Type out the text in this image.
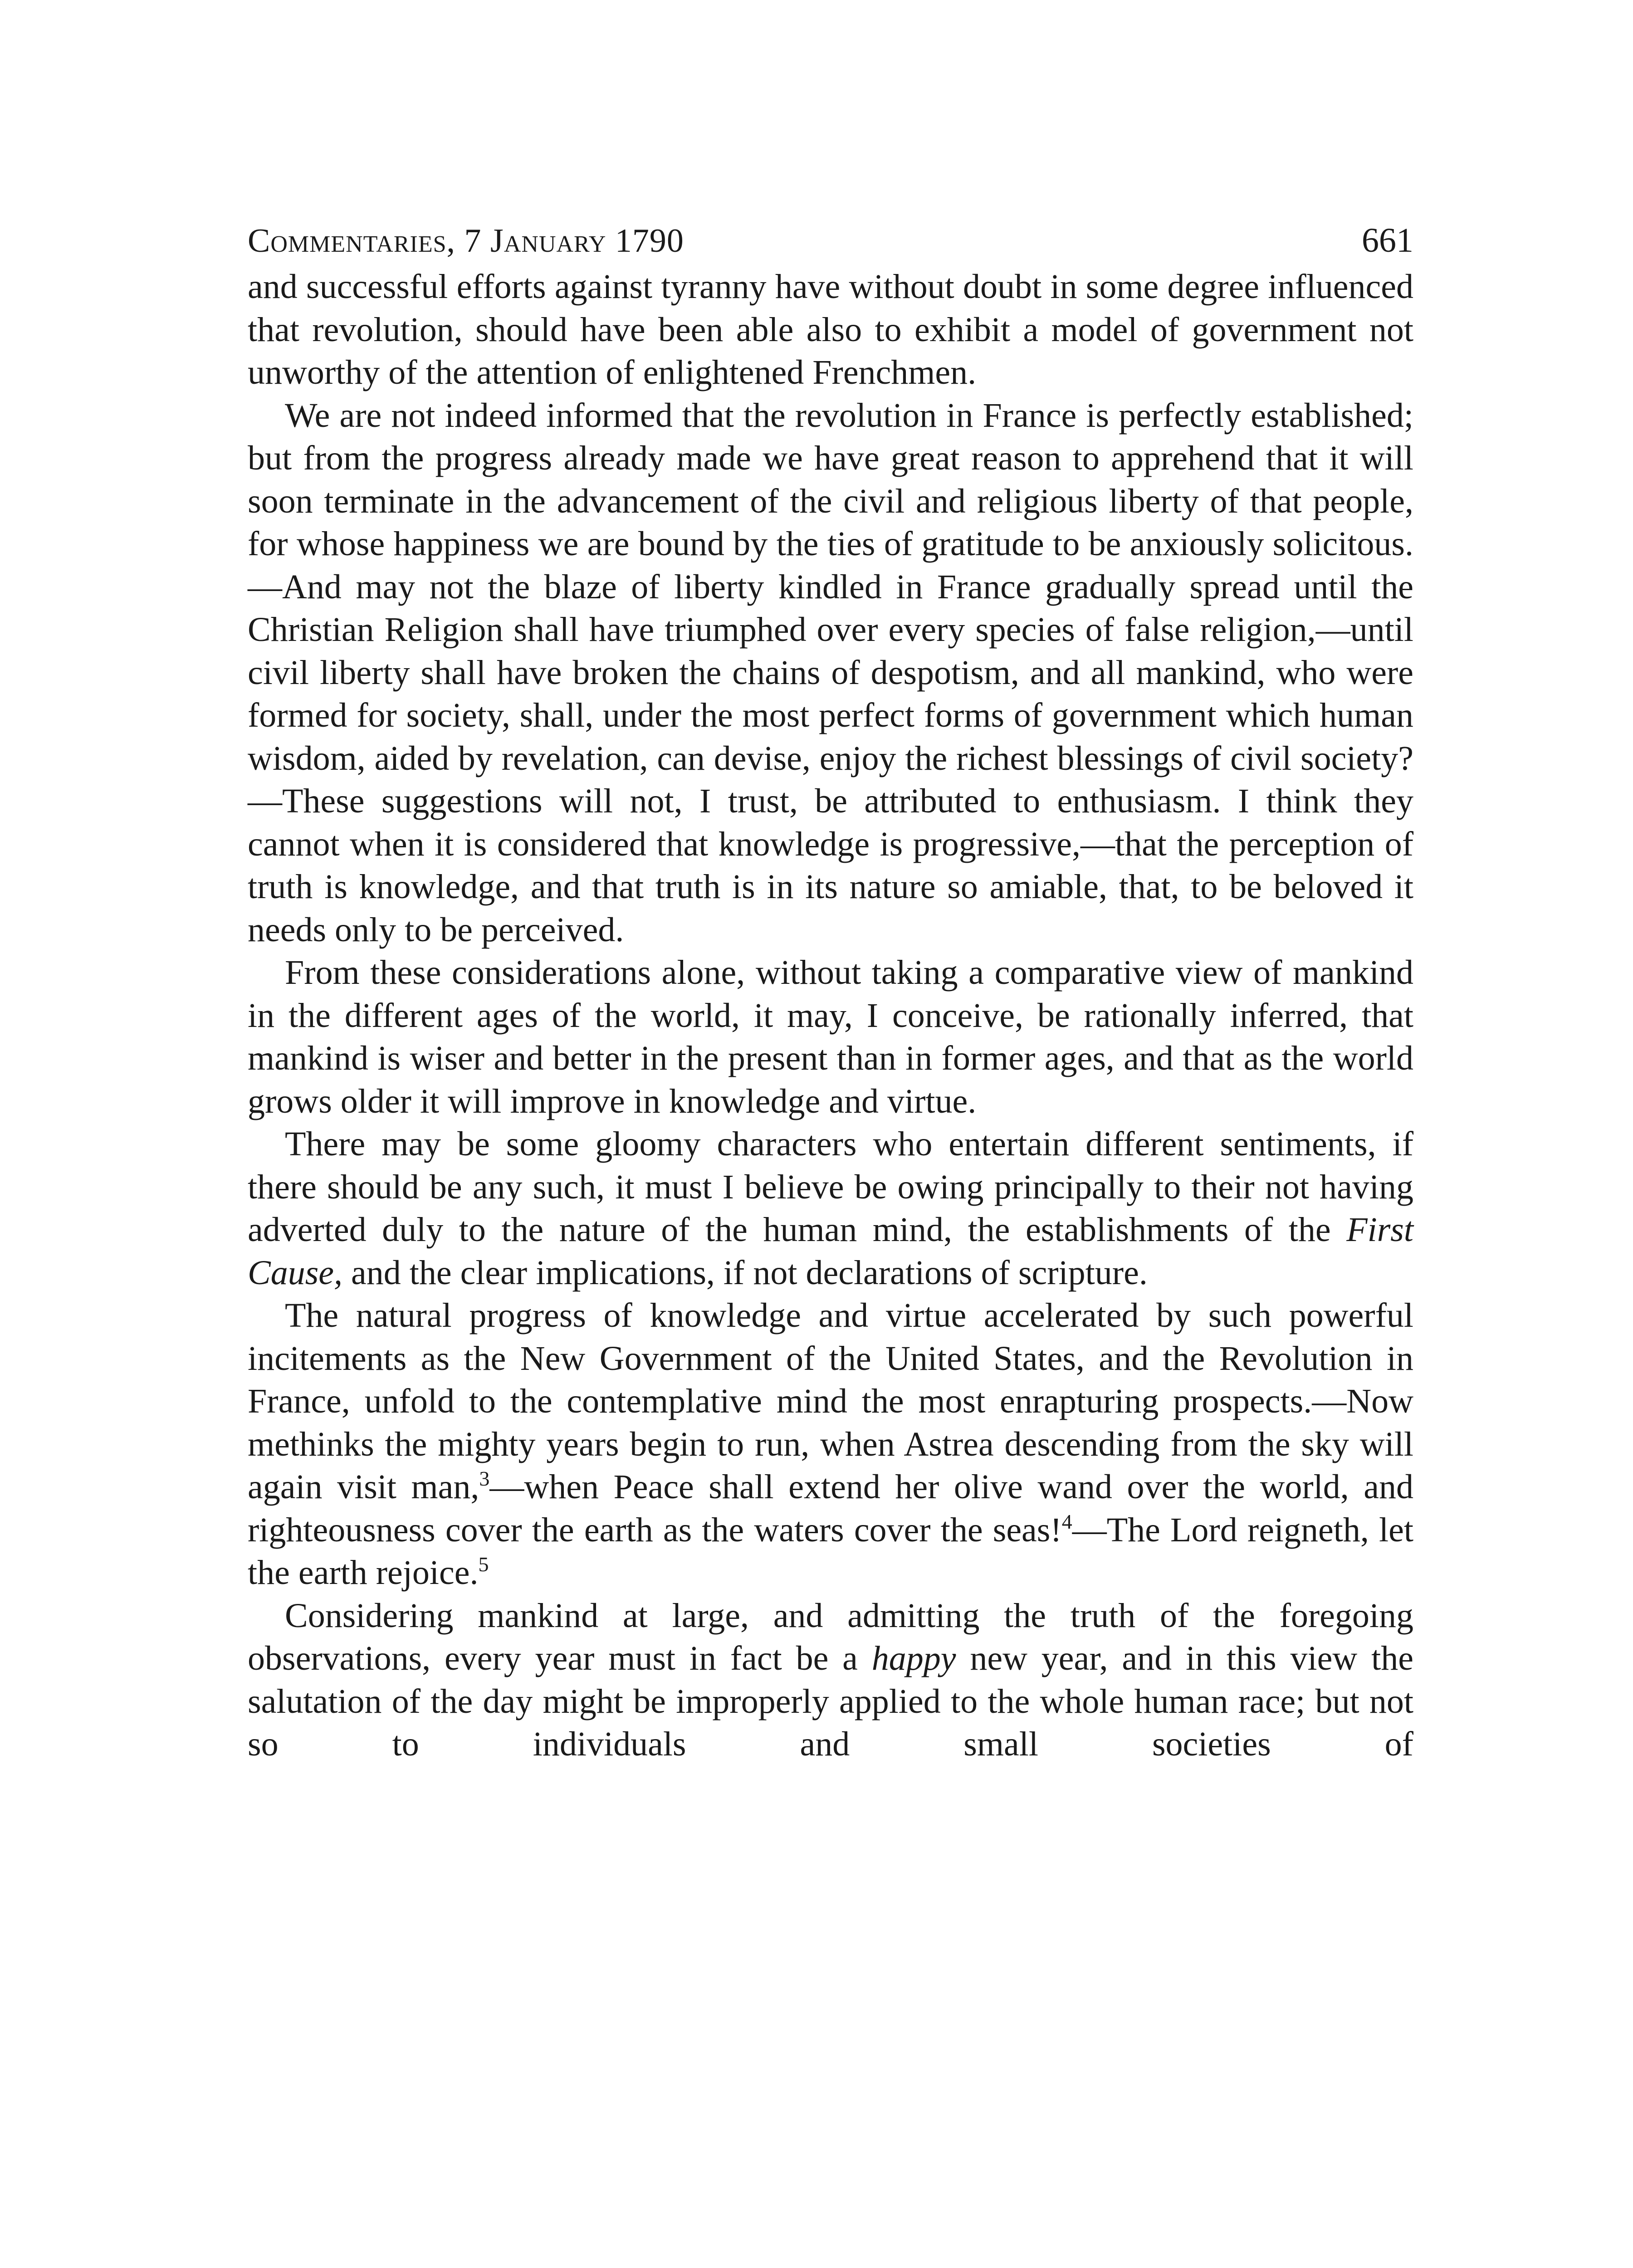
Commentaries, 7 January 1790	661

and successful efforts against tyranny have without doubt in some degree influenced that revolution, should have been able also to exhibit a model of government not unworthy of the attention of enlightened Frenchmen.

We are not indeed informed that the revolution in France is perfectly established; but from the progress already made we have great reason to apprehend that it will soon terminate in the advancement of the civil and religious liberty of that people, for whose happiness we are bound by the ties of gratitude to be anxiously solicitous.—And may not the blaze of liberty kindled in France gradually spread until the Christian Religion shall have triumphed over every species of false religion,—until civil liberty shall have broken the chains of despotism, and all mankind, who were formed for society, shall, under the most perfect forms of government which human wisdom, aided by revelation, can devise, enjoy the richest blessings of civil society?—These suggestions will not, I trust, be attributed to enthusiasm. I think they cannot when it is considered that knowledge is progressive,—that the perception of truth is knowledge, and that truth is in its nature so amiable, that, to be beloved it needs only to be perceived.

From these considerations alone, without taking a comparative view of mankind in the different ages of the world, it may, I conceive, be rationally inferred, that mankind is wiser and better in the present than in former ages, and that as the world grows older it will improve in knowledge and virtue.

There may be some gloomy characters who entertain different sentiments, if there should be any such, it must I believe be owing principally to their not having adverted duly to the nature of the human mind, the establishments of the First Cause, and the clear implications, if not declarations of scripture.

The natural progress of knowledge and virtue accelerated by such powerful incitements as the New Government of the United States, and the Revolution in France, unfold to the contemplative mind the most enrapturing prospects.—Now methinks the mighty years begin to run, when Astrea descending from the sky will again visit man,$^3$—when Peace shall extend her olive wand over the world, and righteousness cover the earth as the waters cover the seas!$^4$—The Lord reigneth, let the earth rejoice.$^5$

Considering mankind at large, and admitting the truth of the foregoing observations, every year must in fact be a happy new year, and in this view the salutation of the day might be improperly applied to the whole human race; but not so to individuals and small societies of
